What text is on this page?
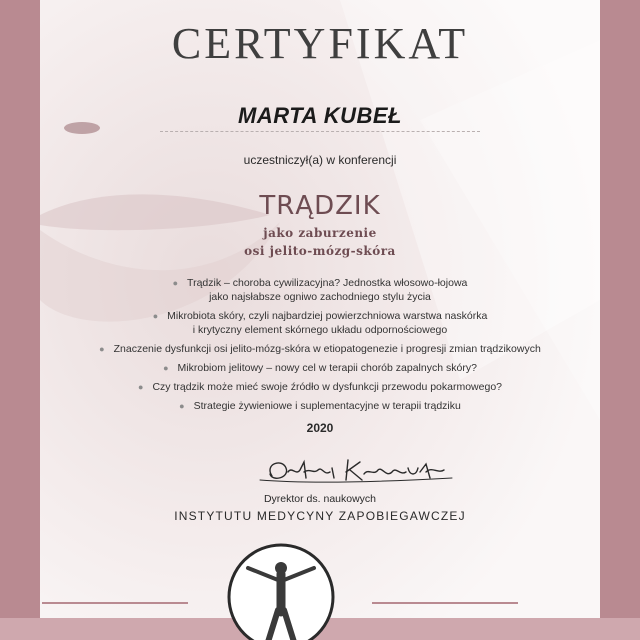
CERTYFIKAT
MARTA KUBEŁ
uczestniczył(a) w konferencji
TRĄDZIK
jako zaburzenie
osi jelito-mózg-skóra
● Trądzik – choroba cywilizacyjna? Jednostka włosowo-łojowa
jako najsłabsze ogniwo zachodniego stylu życia
● Mikrobiota skóry, czyli najbardziej powierzchniowa warstwa naskórka
i krytyczny element skórnego układu odpornościowego
● Znaczenie dysfunkcji osi jelito-mózg-skóra w etiopatogenezie i progresji zmian trądzikowych
● Mikrobiom jelitowy – nowy cel w terapii chorób zapalnych skóry?
● Czy trądzik może mieć swoje źródło w dysfunkcji przewodu pokarmowego?
● Strategie żywieniowe i suplementacyjne w terapii trądziku
2020
Dyrektor ds. naukowych
INSTYTUTU MEDYCYNY ZAPOBIEGAWCZEJ
